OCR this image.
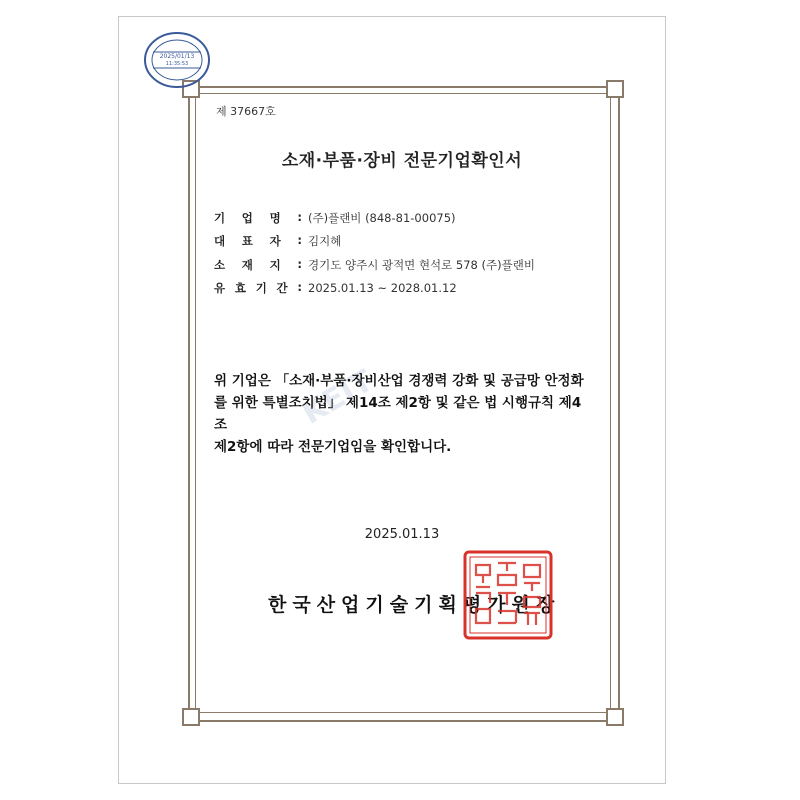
2025/01/13
11:35:53
제 37667호
소재·부품·장비 전문기업확인서
기 업 명 : (주)플랜비 (848-81-00075)
대 표 자 : 김지혜
소 재 지 : 경기도 양주시 광적면 현석로 578 (주)플랜비
유 효 기 간 : 2025.01.13 ~ 2028.01.12
KEIT
위 기업은 「소재·부품·장비산업 경쟁력 강화 및 공급망 안정화
를 위한 특별조치법」 제14조 제2항 및 같은 법 시행규칙 제4조
제2항에 따라 전문기업임을 확인합니다.
2025.01.13
한국산업기술기획평가원장
